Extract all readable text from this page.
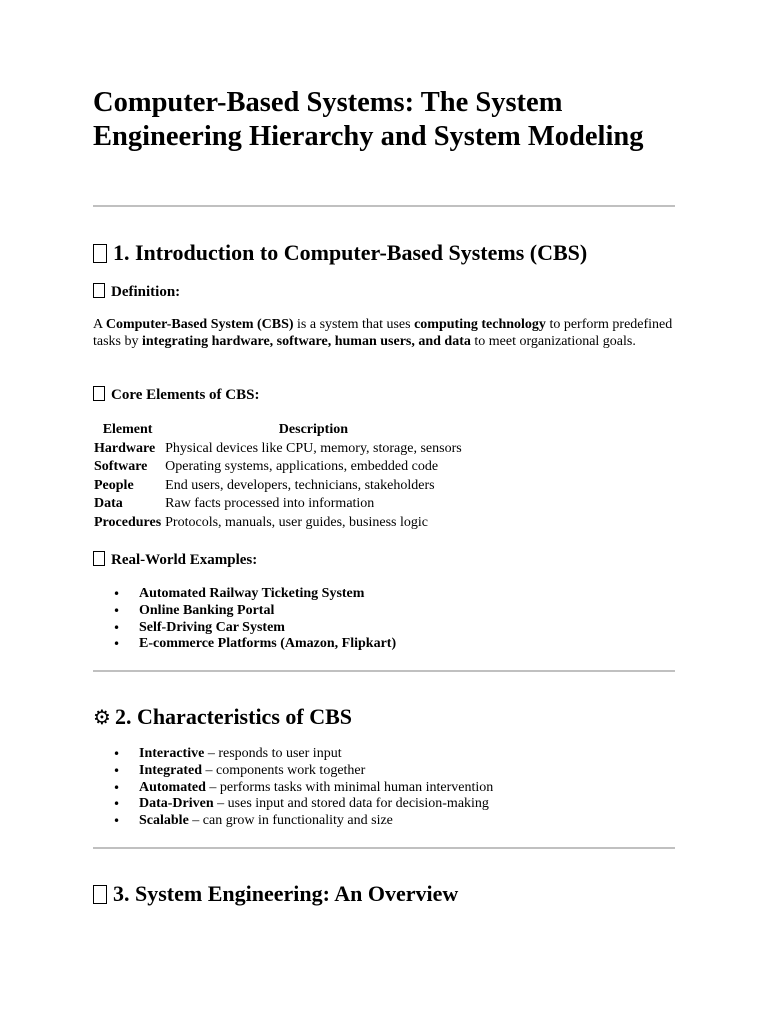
Computer-Based Systems: The System Engineering Hierarchy and System Modeling
1. Introduction to Computer-Based Systems (CBS)
Definition:

A Computer-Based System (CBS) is a system that uses computing technology to perform predefined tasks by integrating hardware, software, human users, and data to meet organizational goals.

Core Elements of CBS:
Element	Description
Hardware	Physical devices like CPU, memory, storage, sensors
Software	Operating systems, applications, embedded code
People	End users, developers, technicians, stakeholders
Data	Raw facts processed into information
Procedures	Protocols, manuals, user guides, business logic
Real-World Examples:
• Automated Railway Ticketing System
• Online Banking Portal
• Self-Driving Car System
• E-commerce Platforms (Amazon, Flipkart)
⚙ 2. Characteristics of CBS
• Interactive – responds to user input
• Integrated – components work together
• Automated – performs tasks with minimal human intervention
• Data-Driven – uses input and stored data for decision-making
• Scalable – can grow in functionality and size
3. System Engineering: An Overview
